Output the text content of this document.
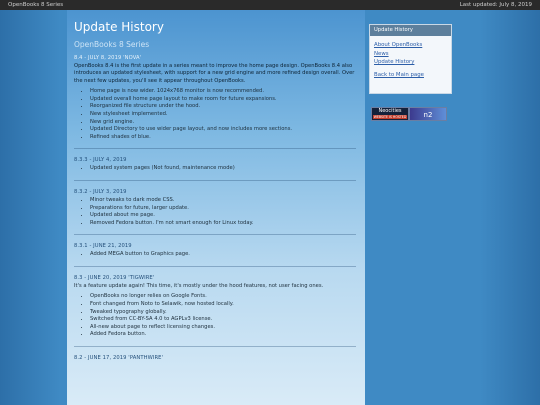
OpenBooks 8 Series	Last updated: July 8, 2019
Update History
OpenBooks 8 Series
8.4 - JULY 8, 2019 'NOVA'

OpenBooks 8.4 is the first update in a series meant to improve the home page design. OpenBooks 8.4 also introduces an updated stylesheet, with support for a new grid engine and more refined design overall. Over the next few updates, you'll see it appear throughout OpenBooks.

• Home page is now wider. 1024x768 monitor is now recommended.
• Updated overall home page layout to make room for future expansions.
• Reorganized file structure under the hood.
• New stylesheet implemented.
• New grid engine.
• Updated Directory to use wider page layout, and now includes more sections.
• Refined shades of blue.
8.3.3 - JULY 4, 2019
• Updated system pages (Not found, maintenance mode)
8.3.2 - JULY 3, 2019
• Minor tweaks to dark mode CSS.
• Preparations for future, larger update.
• Updated about me page.
• Removed Fedora button. I'm not smart enough for Linux today.
8.3.1 - JUNE 21, 2019
• Added MEGA button to Graphics page.
8.3 - JUNE 20, 2019 'TIGWIRE'

It's a feature update again! This time, it's mostly under the hood features, not user facing ones.

• OpenBooks no longer relies on Google Fonts.
• Font changed from Noto to Selawik, now hosted locally.
• Tweaked typography globally.
• Switched from CC-BY-SA 4.0 to AGPLv3 license.
• All-new about page to reflect licensing changes.
• Added Fedora button.
8.2 - JUNE 17, 2019 'PANTHWIRE'
Update History
About OpenBooks
News
Update History
Back to Main page
Neocities
WEBSITE IS HOSTED	n2
